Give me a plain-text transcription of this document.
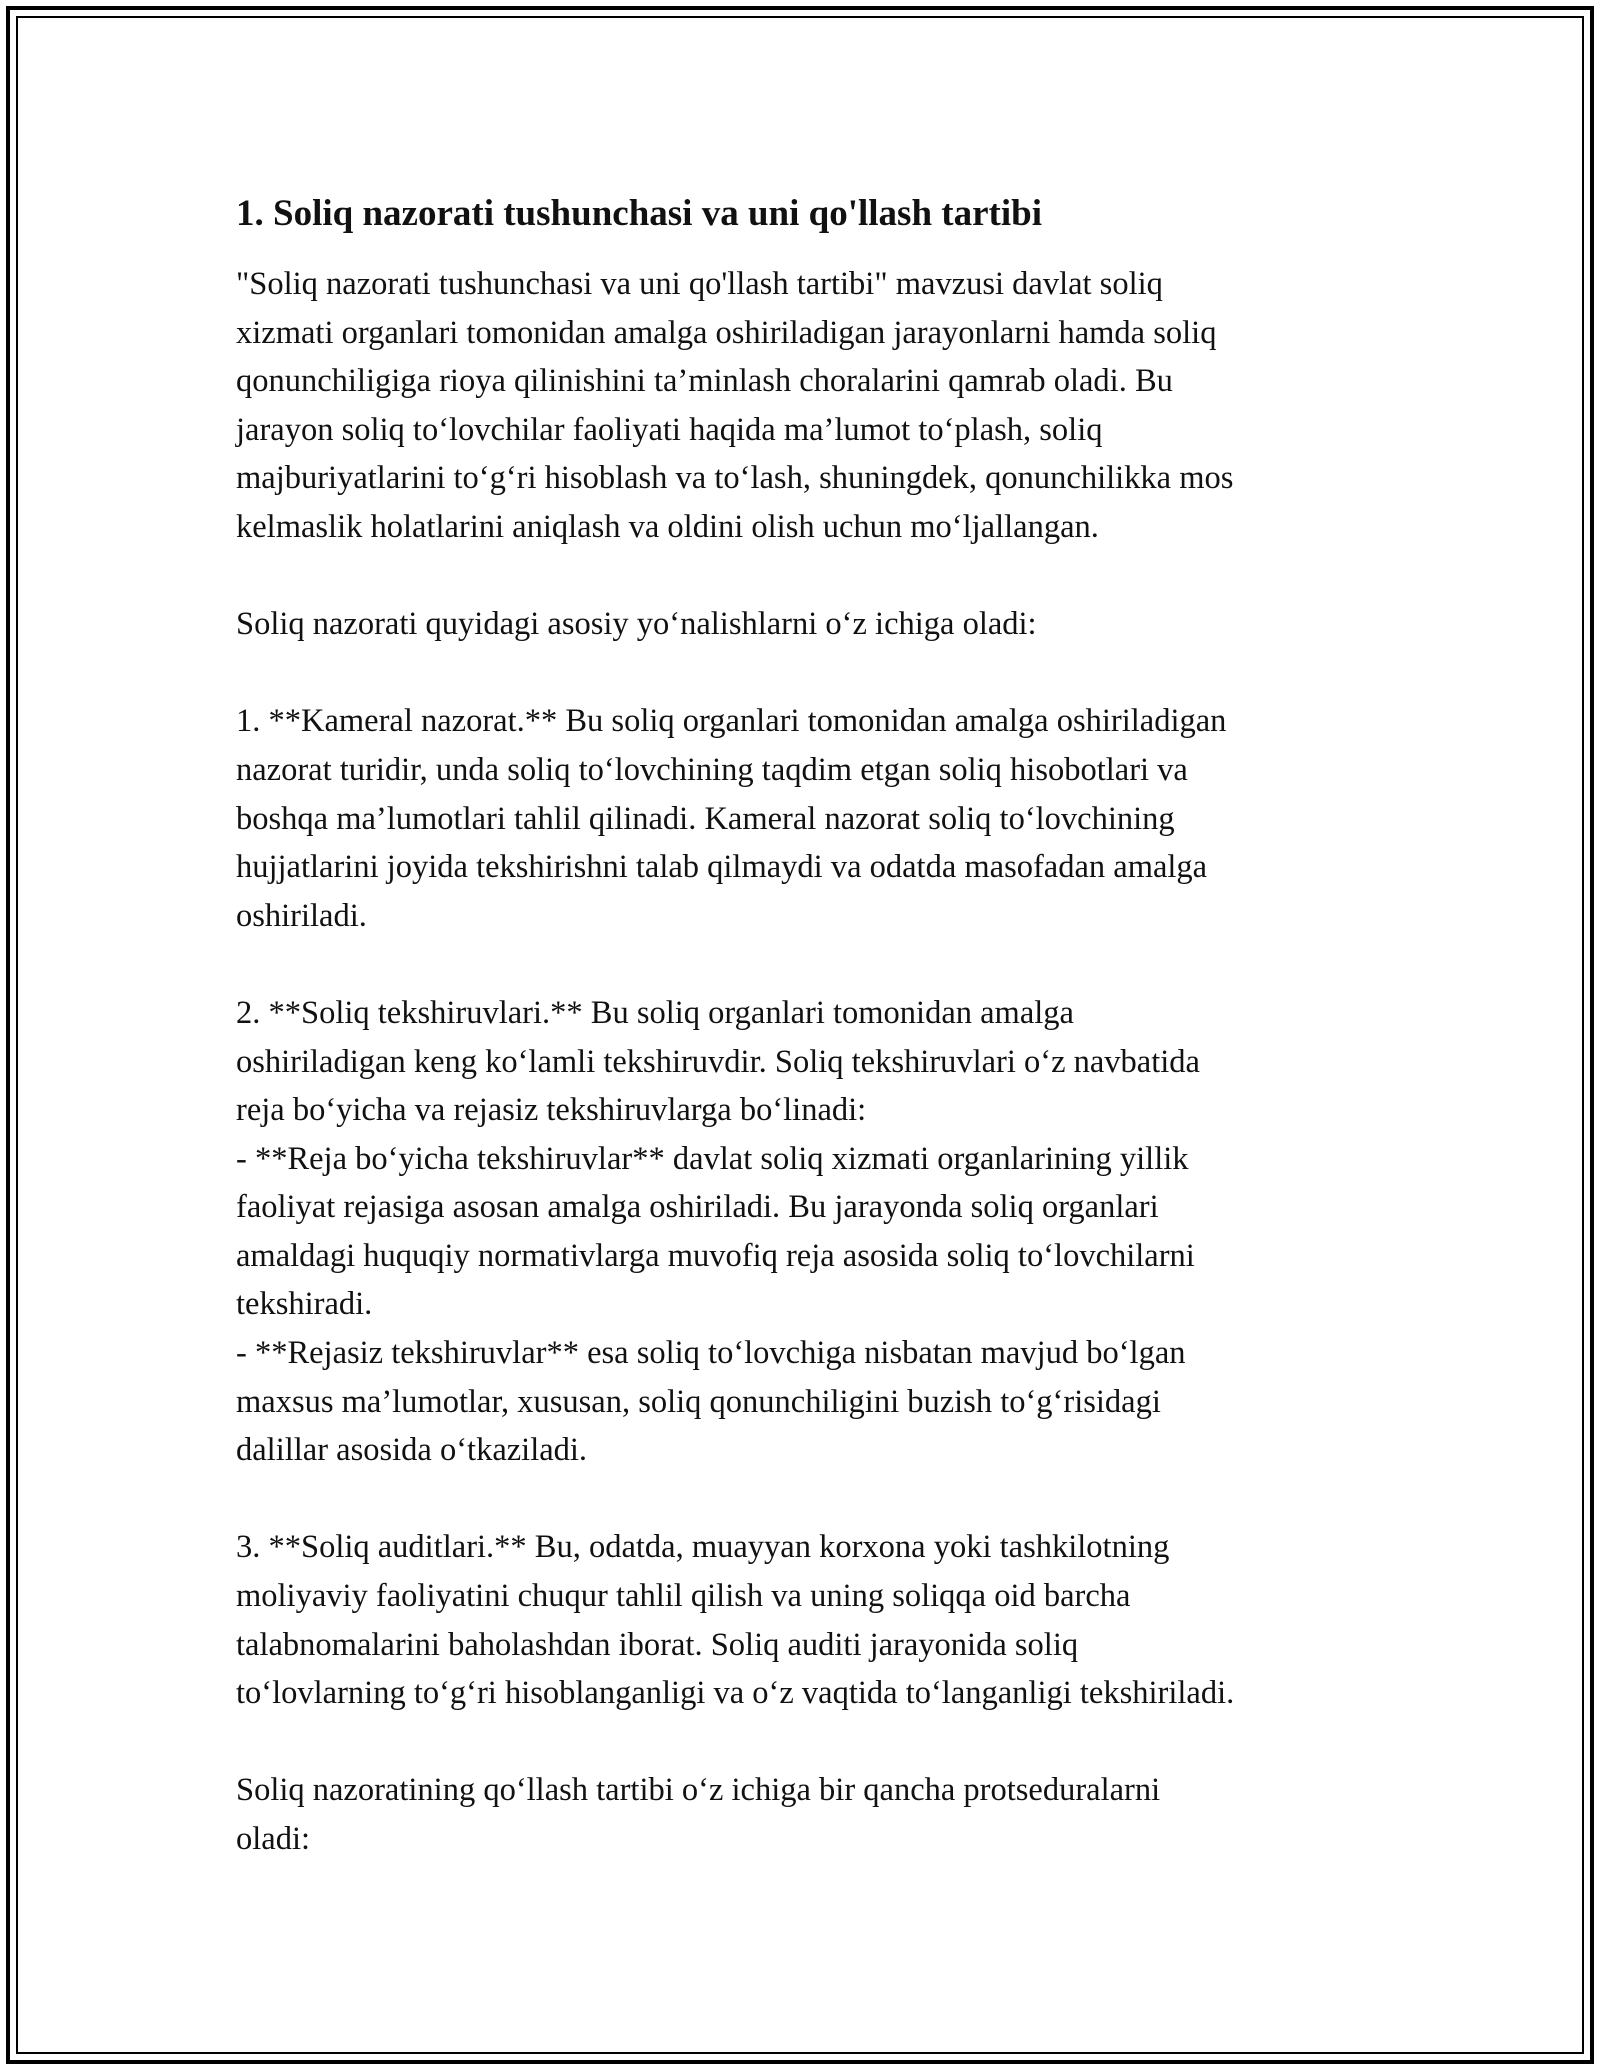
1. Soliq nazorati tushunchasi va uni qo'llash tartibi

"Soliq nazorati tushunchasi va uni qo'llash tartibi" mavzusi davlat soliq
xizmati organlari tomonidan amalga oshiriladigan jarayonlarni hamda soliq
qonunchiligiga rioya qilinishini ta’minlash choralarini qamrab oladi. Bu
jarayon soliq to‘lovchilar faoliyati haqida ma’lumot to‘plash, soliq
majburiyatlarini to‘g‘ri hisoblash va to‘lash, shuningdek, qonunchilikka mos
kelmaslik holatlarini aniqlash va oldini olish uchun mo‘ljallangan.

Soliq nazorati quyidagi asosiy yo‘nalishlarni o‘z ichiga oladi:

1. **Kameral nazorat.** Bu soliq organlari tomonidan amalga oshiriladigan
nazorat turidir, unda soliq to‘lovchining taqdim etgan soliq hisobotlari va
boshqa ma’lumotlari tahlil qilinadi. Kameral nazorat soliq to‘lovchining
hujjatlarini joyida tekshirishni talab qilmaydi va odatda masofadan amalga
oshiriladi.

2. **Soliq tekshiruvlari.** Bu soliq organlari tomonidan amalga
oshiriladigan keng ko‘lamli tekshiruvdir. Soliq tekshiruvlari o‘z navbatida
reja bo‘yicha va rejasiz tekshiruvlarga bo‘linadi:
- **Reja bo‘yicha tekshiruvlar** davlat soliq xizmati organlarining yillik
faoliyat rejasiga asosan amalga oshiriladi. Bu jarayonda soliq organlari
amaldagi huquqiy normativlarga muvofiq reja asosida soliq to‘lovchilarni
tekshiradi.
- **Rejasiz tekshiruvlar** esa soliq to‘lovchiga nisbatan mavjud bo‘lgan
maxsus ma’lumotlar, xususan, soliq qonunchiligini buzish to‘g‘risidagi
dalillar asosida o‘tkaziladi.

3. **Soliq auditlari.** Bu, odatda, muayyan korxona yoki tashkilotning
moliyaviy faoliyatini chuqur tahlil qilish va uning soliqqa oid barcha
talabnomalarini baholashdan iborat. Soliq auditi jarayonida soliq
to‘lovlarning to‘g‘ri hisoblanganligi va o‘z vaqtida to‘langanligi tekshiriladi.

Soliq nazoratining qo‘llash tartibi o‘z ichiga bir qancha protseduralarni
oladi:
